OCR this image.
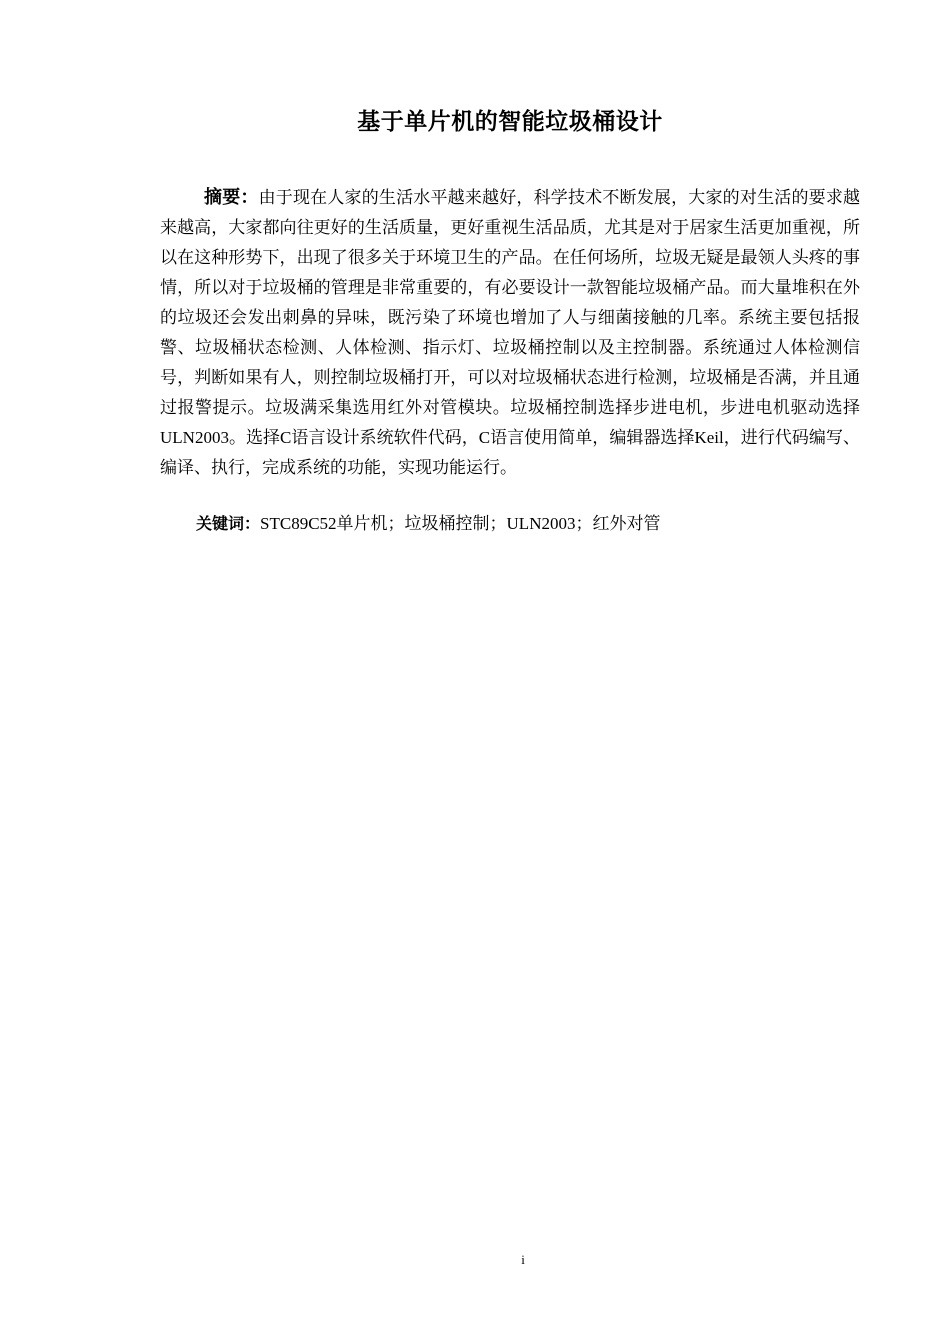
基于单片机的智能垃圾桶设计

摘要：由于现在人家的生活水平越来越好，科学技术不断发展，大家的对生活的要求越来越高，大家都向往更好的生活质量，更好重视生活品质，尤其是对于居家生活更加重视，所以在这种形势下，出现了很多关于环境卫生的产品。在任何场所，垃圾无疑是最领人头疼的事情，所以对于垃圾桶的管理是非常重要的，有必要设计一款智能垃圾桶产品。而大量堆积在外的垃圾还会发出刺鼻的异味，既污染了环境也增加了人与细菌接触的几率。系统主要包括报警、垃圾桶状态检测、人体检测、指示灯、垃圾桶控制以及主控制器。系统通过人体检测信号，判断如果有人，则控制垃圾桶打开，可以对垃圾桶状态进行检测，垃圾桶是否满，并且通过报警提示。垃圾满采集选用红外对管模块。垃圾桶控制选择步进电机，步进电机驱动选择ULN2003。选择C语言设计系统软件代码，C语言使用简单，编辑器选择Keil，进行代码编写、编译、执行，完成系统的功能，实现功能运行。

关键词：STC89C52单片机；垃圾桶控制；ULN2003；红外对管

i
